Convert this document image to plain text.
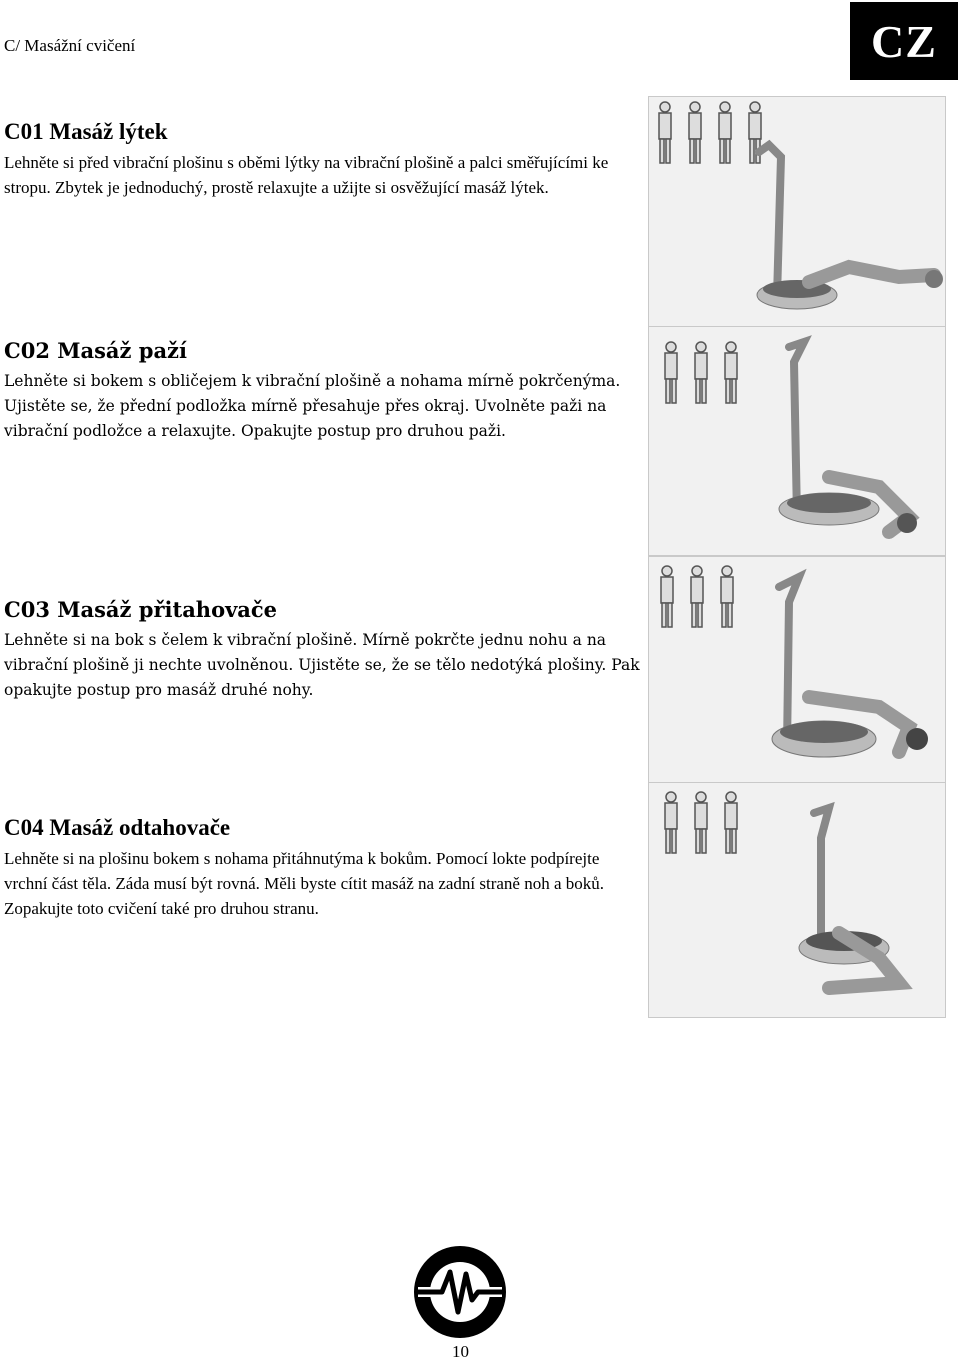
C/ Masážní cvičení	CZ
C01 Masáž lýtek

Lehněte si před vibrační plošinu s oběmi lýtky na vibrační plošině a palci směřujícími ke stropu. Zbytek je jednoduchý, prostě relaxujte a užijte si osvěžující masáž lýtek.

C02 Masáž paží

Lehněte si bokem s obličejem k vibrační plošině a nohama mírně pokrčenýma. Ujistěte se, že přední podložka mírně přesahuje přes okraj. Uvolněte paži na vibrační podložce a relaxujte. Opakujte postup pro druhou paži.

C03 Masáž přitahovače

Lehněte si na bok s čelem k vibrační plošině. Mírně pokrčte jednu nohu a na vibrační plošině ji nechte uvolněnou. Ujistěte se, že se tělo nedotýká plošiny. Pak opakujte postup pro masáž druhé nohy.

C04 Masáž odtahovače

Lehněte si na plošinu bokem s nohama přitáhnutýma k bokům. Pomocí lokte podpírejte vrchní část těla. Záda musí být rovná. Měli byste cítit masáž na zadní straně noh a boků. Zopakujte toto cvičení také pro druhou stranu.

10
